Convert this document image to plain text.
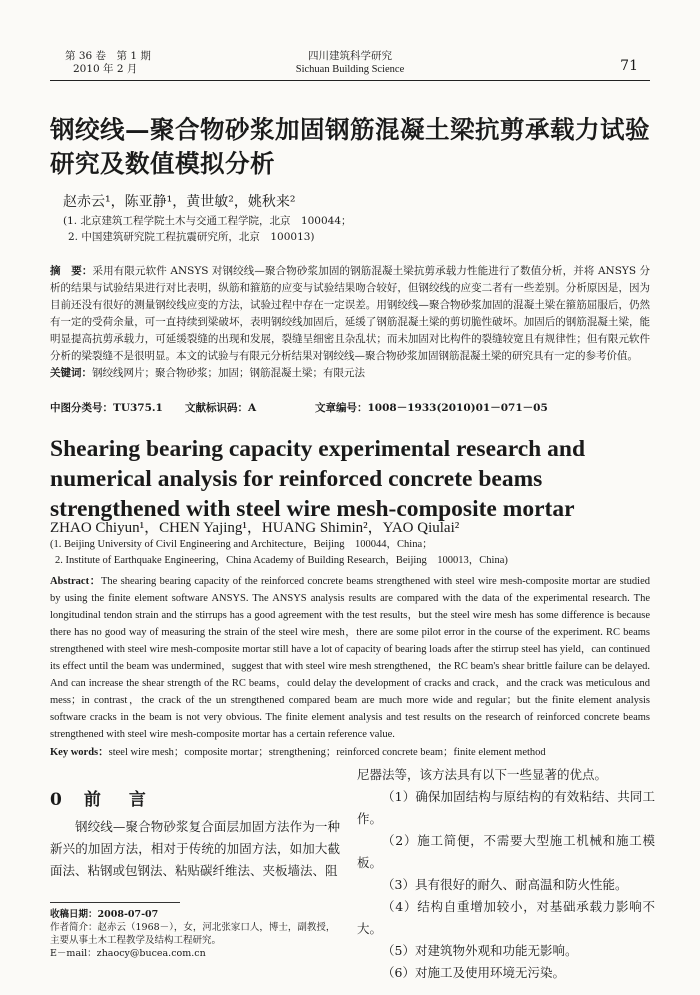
第 36 卷　第 1 期
2010 年 2 月
四川建筑科学研究
Sichuan Building Science	71
钢绞线—聚合物砂浆加固钢筋混凝土梁抗剪承载力试验研究及数值模拟分析
赵赤云¹，陈亚静¹，黄世敏²，姚秋来²
(1. 北京建筑工程学院土木与交通工程学院，北京　100044；
2. 中国建筑研究院工程抗震研究所，北京　100013)
摘　要：采用有限元软件 ANSYS 对钢绞线—聚合物砂浆加固的钢筋混凝土梁抗剪承载力性能进行了数值分析，并将 ANSYS 分析的结果与试验结果进行对比表明，纵筋和箍筋的应变与试验结果吻合较好，但钢绞线的应变二者有一些差别。分析原因是，因为目前还没有很好的测量钢绞线应变的方法，试验过程中存在一定误差。用钢绞线—聚合物砂浆加固的混凝土梁在箍筋屈服后，仍然有一定的受荷余量，可一直持续到梁破坏，表明钢绞线加固后，延缓了钢筋混凝土梁的剪切脆性破坏。加固后的钢筋混凝土梁，能明显提高抗剪承载力，可延缓裂缝的出现和发展，裂缝呈细密且杂乱状；而未加固对比构件的裂缝较宽且有规律性；但有限元软件分析的梁裂缝不是很明显。本文的试验与有限元分析结果对钢绞线—聚合物砂浆加固钢筋混凝土梁的研究具有一定的参考价值。
关键词：钢绞线网片；聚合物砂浆；加固；钢筋混凝土梁；有限元法
中图分类号：TU375.1 文献标识码：A	文章编号：1008－1933(2010)01－071－05
Shearing bearing capacity experimental research and numerical analysis for reinforced concrete beams strengthened with steel wire mesh-composite mortar
ZHAO Chiyun¹，CHEN Yajing¹，HUANG Shimin²，YAO Qiulai²
(1. Beijing University of Civil Engineering and Architecture，Beijing　100044，China；
2. Institute of Earthquake Engineering，China Academy of Building Research，Beijing　100013，China)
Abstract：The shearing bearing capacity of the reinforced concrete beams strengthened with steel wire mesh-composite mortar are studied by using the finite element software ANSYS. The ANSYS analysis results are compared with the data of the experimental research. The longitudinal tendon strain and the stirrups has a good agreement with the test results，but the steel wire mesh has some difference is because there has no good way of measuring the strain of the steel wire mesh，there are some pilot error in the course of the experiment. RC beams strengthened with steel wire mesh-composite mortar still have a lot of capacity of bearing loads after the stirrup steel has yield，can continued its effect until the beam was undermined，suggest that with steel wire mesh strengthened，the RC beam's shear brittle failure can be delayed. And can increase the shear strength of the RC beams，could delay the development of cracks and crack，and the crack was meticulous and mess；in contrast，the crack of the un strengthened compared beam are much more wide and regular；but the finite element analysis software cracks in the beam is not very obvious. The finite element analysis and test results on the research of reinforced concrete beams strengthened with steel wire mesh-composite mortar has a certain reference value.
Key words：steel wire mesh；composite mortar；strengthening；reinforced concrete beam；finite element method
0 前 言
钢绞线—聚合物砂浆复合面层加固方法作为一种新兴的加固方法，相对于传统的加固方法，如加大截面法、粘钢或包钢法、粘贴碳纤维法、夹板墙法、阻
收稿日期：2008-07-07
作者简介：赵赤云（1968－），女，河北张家口人，博士，副教授，主要从事土木工程教学及结构工程研究。
E－mail：zhaocy@bucea.com.cn
尼器法等，该方法具有以下一些显著的优点。
（1）确保加固结构与原结构的有效粘结、共同工作。
（2）施工简便，不需要大型施工机械和施工模板。
（3）具有很好的耐久、耐高温和防火性能。
（4）结构自重增加较小，对基础承载力影响不大。
（5）对建筑物外观和功能无影响。
（6）对施工及使用环境无污染。
